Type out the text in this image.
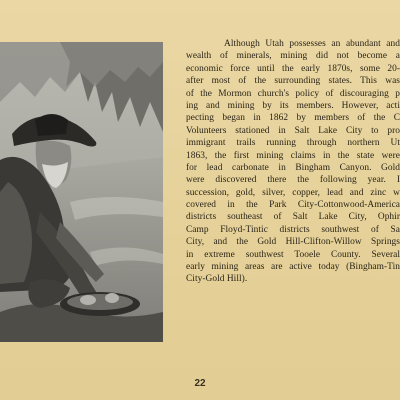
Although Utah possesses an abundant and
wealth of minerals, mining did not become a
economic force until the early 1870s, some 20-
after most of the surrounding states. This was
of the Mormon church's policy of discouraging p
ing and mining by its members. However, acti
pecting began in 1862 by members of the C
Volunteers stationed in Salt Lake City to pro
immigrant trails running through northern Ut
1863, the first mining claims in the state were
for lead carbonate in Bingham Canyon. Gold
were discovered there the following year. I
succession, gold, silver, copper, lead and zinc w
covered in the Park City-Cottonwood-America
districts southeast of Salt Lake City, Ophir
Camp Floyd-Tintic districts southwest of Sa
City, and the Gold Hill-Clifton-Willow Springs
in extreme southwest Tooele County. Several
early mining areas are active today (Bingham-Tin
City-Gold Hill).
22
